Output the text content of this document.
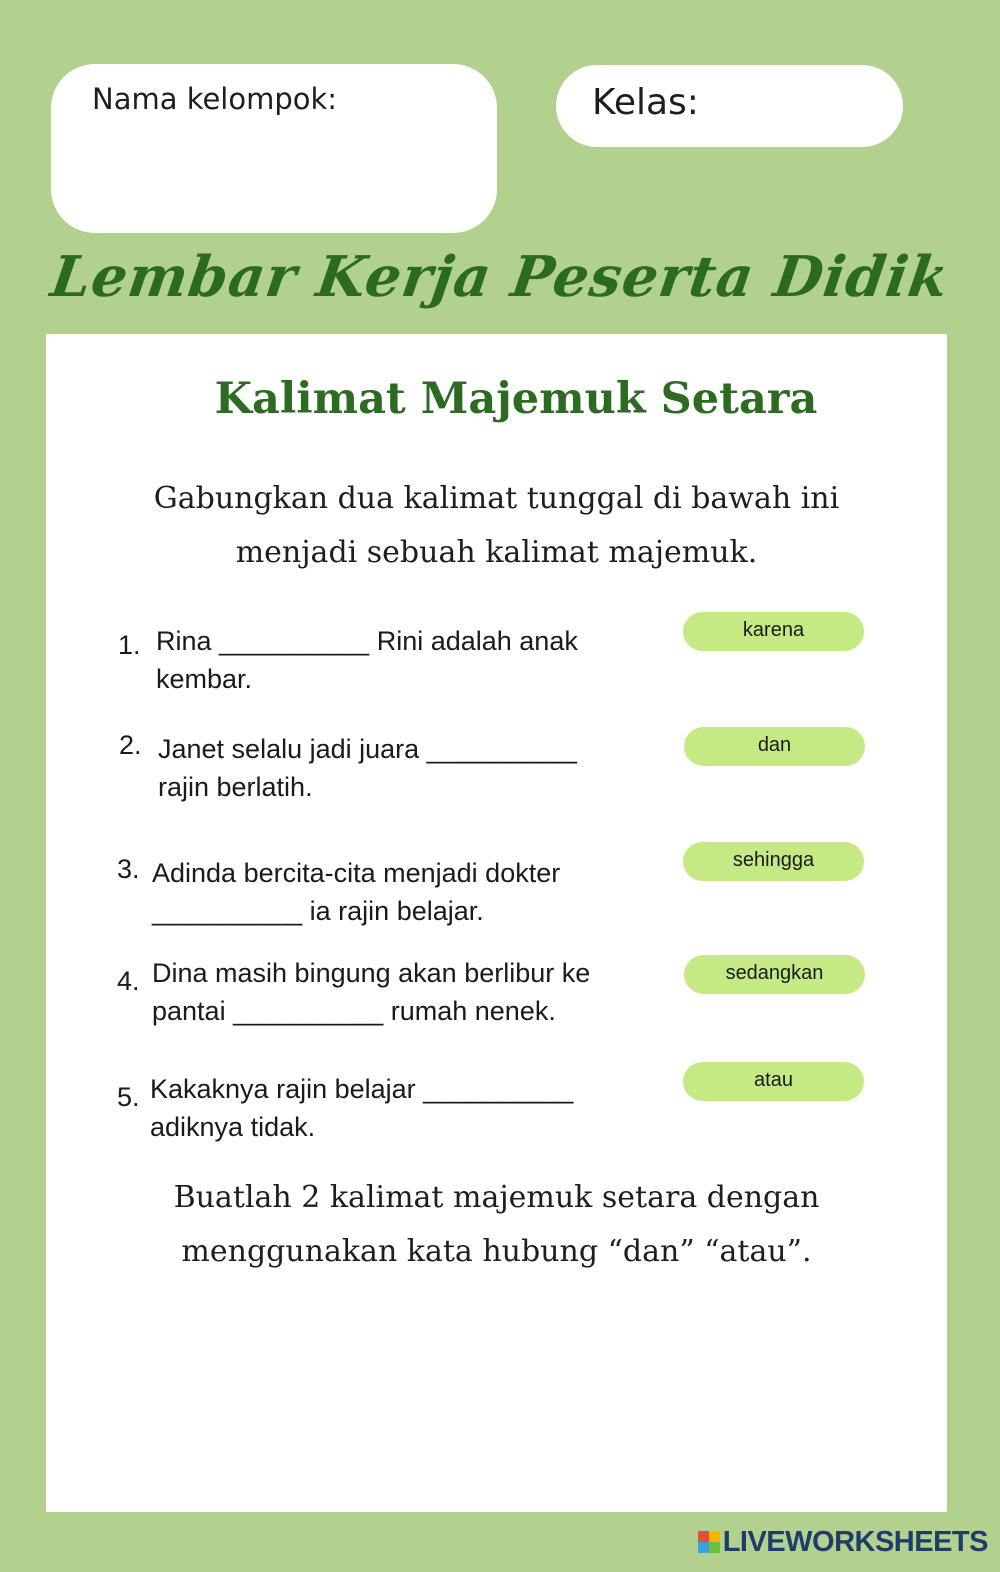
Nama kelompok:	Kelas:
Lembar Kerja Peserta Didik
Kalimat Majemuk Setara
Gabungkan dua kalimat tunggal di bawah ini
menjadi sebuah kalimat majemuk.
1. Rina __________ Rini adalah anak
kembar.
2. Janet selalu jadi juara __________
rajin berlatih.
3. Adinda bercita-cita menjadi dokter
__________ ia rajin belajar.
4. Dina masih bingung akan berlibur ke
pantai __________ rumah nenek.
5. Kakaknya rajin belajar __________
adiknya tidak.
karena
dan
sehingga
sedangkan
atau
Buatlah 2 kalimat majemuk setara dengan
menggunakan kata hubung “dan” “atau”.
LIVEWORKSHEETS
